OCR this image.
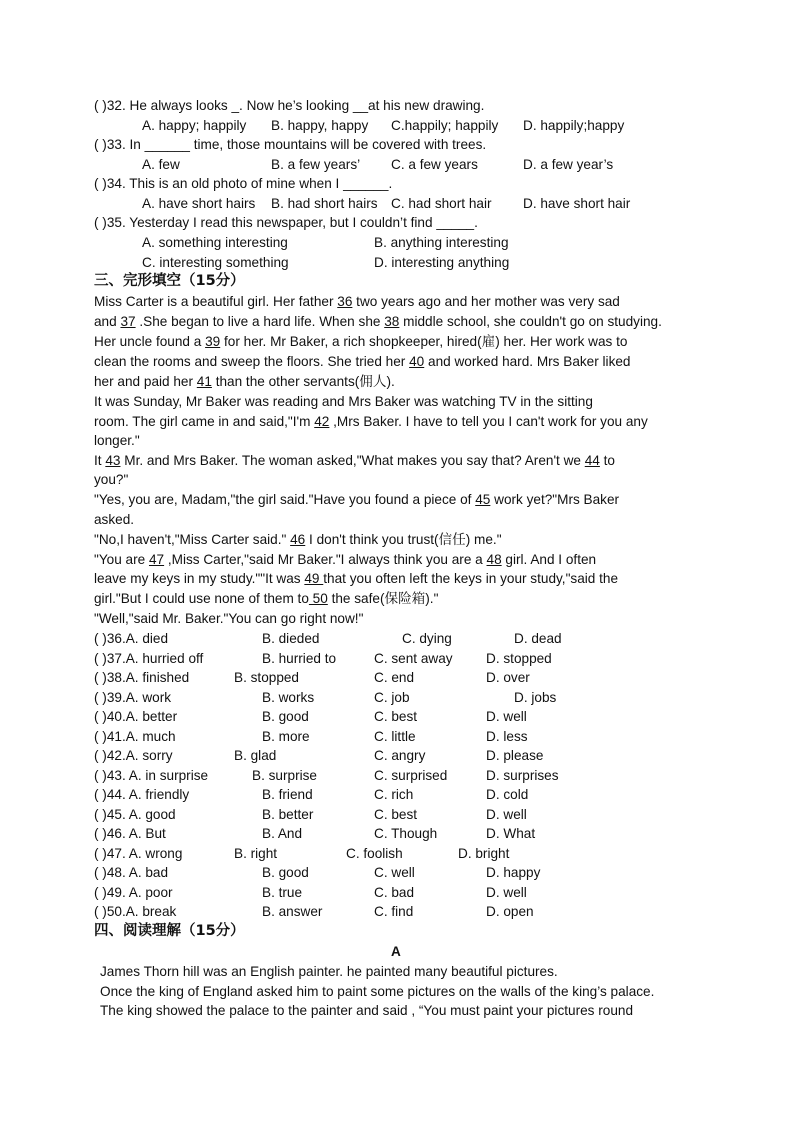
( )32. He always looks _. Now he’s looking __at his new drawing.
A. happy; happily B. happy, happy C.happily; happily D. happily;happy
( )33. In ______ time, those mountains will be covered with trees.
A. few	B. a few years’ C. a few years	D. a few year’s
( )34. This is an old photo of mine when I ______.
A. have short hairs B. had short hairs C. had short hair D. have short hair
( )35. Yesterday I read this newspaper, but I couldn’t find _____.
A. something interesting	B. anything interesting
C. interesting something	D. interesting anything
三、完形填空（15分）
Miss Carter is a beautiful girl. Her father 36 two years ago and her mother was very sad
and 37 .She began to live a hard life. When she 38 middle school, she couldn't go on studying.
Her uncle found a 39 for her. Mr Baker, a rich shopkeeper, hired(雇) her. Her work was to
clean the rooms and sweep the floors. She tried her 40 and worked hard. Mrs Baker liked
her and paid her 41 than the other servants(佣人).
It was Sunday, Mr Baker was reading and Mrs Baker was watching TV in the sitting
room. The girl came in and said,"I'm 42 ,Mrs Baker. I have to tell you I can't work for you any
longer."
It 43 Mr. and Mrs Baker. The woman asked,"What makes you say that? Aren't we 44 to
you?"
"Yes, you are, Madam,"the girl said."Have you found a piece of 45 work yet?"Mrs Baker
asked.
"No,I haven't,"Miss Carter said." 46 I don't think you trust(信任) me."
"You are 47 ,Miss Carter,"said Mr Baker."I always think you are a 48 girl. And I often
leave my keys in my study.""It was 49 that you often left the keys in your study,"said the
girl."But I could use none of them to 50 the safe(保险箱)."
"Well,"said Mr. Baker."You can go right now!"
( )36.A. died	B. dieded	C. dying	D. dead
( )37.A. hurried off	B. hurried to	C. sent away D. stopped
( )38.A. finished	B. stopped	C. end	D. over
( )39.A. work	B. works	C. job	D. jobs
( )40.A. better	B. good	C. best	D. well
( )41.A. much	B. more	C. little	D. less
( )42.A. sorry	B. glad	C. angry	D. please
( )43. A. in surprise	B. surprise	C. surprised	D. surprises
( )44. A. friendly	B. friend	C. rich	D. cold
( )45. A. good	B. better	C. best	D. well
( )46. A. But	B. And	C. Though	D. What
( )47. A. wrong	B. right	C. foolish	D. bright
( )48. A. bad	B. good	C. well	D. happy
( )49. A. poor	B. true	C. bad	D. well
( )50.A. break	B. answer	C. find	D. open
四、阅读理解（15分）
A
James Thorn hill was an English painter. he painted many beautiful pictures.
Once the king of England asked him to paint some pictures on the walls of the king’s palace.
The king showed the palace to the painter and said , “You must paint your pictures round
